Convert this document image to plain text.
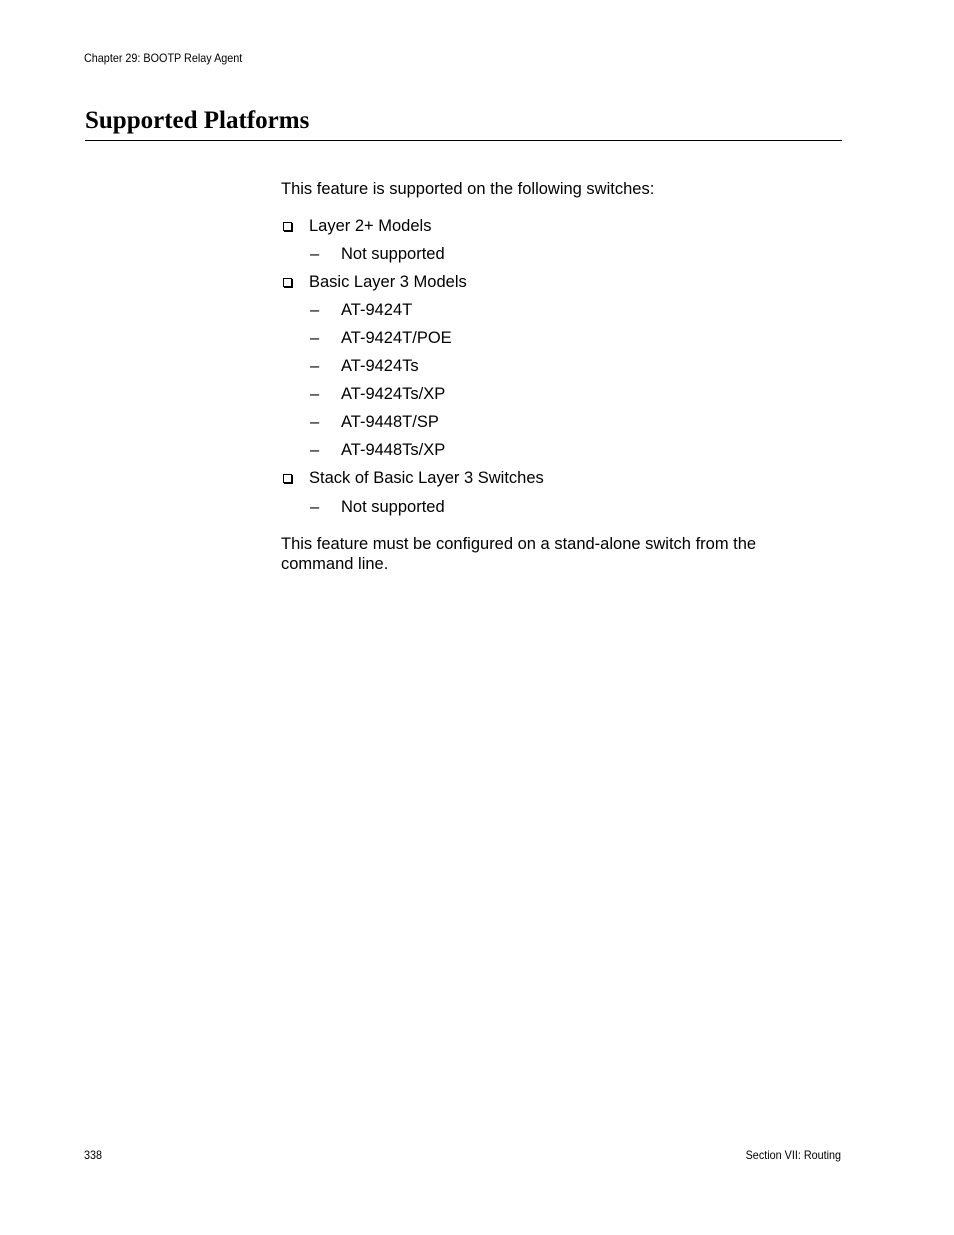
Chapter 29: BOOTP Relay Agent
Supported Platforms
This feature is supported on the following switches:
Layer 2+ Models
– Not supported
Basic Layer 3 Models
– AT-9424T
– AT-9424T/POE
– AT-9424Ts
– AT-9424Ts/XP
– AT-9448T/SP
– AT-9448Ts/XP
Stack of Basic Layer 3 Switches
– Not supported
This feature must be configured on a stand-alone switch from the
command line.
338	Section VII: Routing
